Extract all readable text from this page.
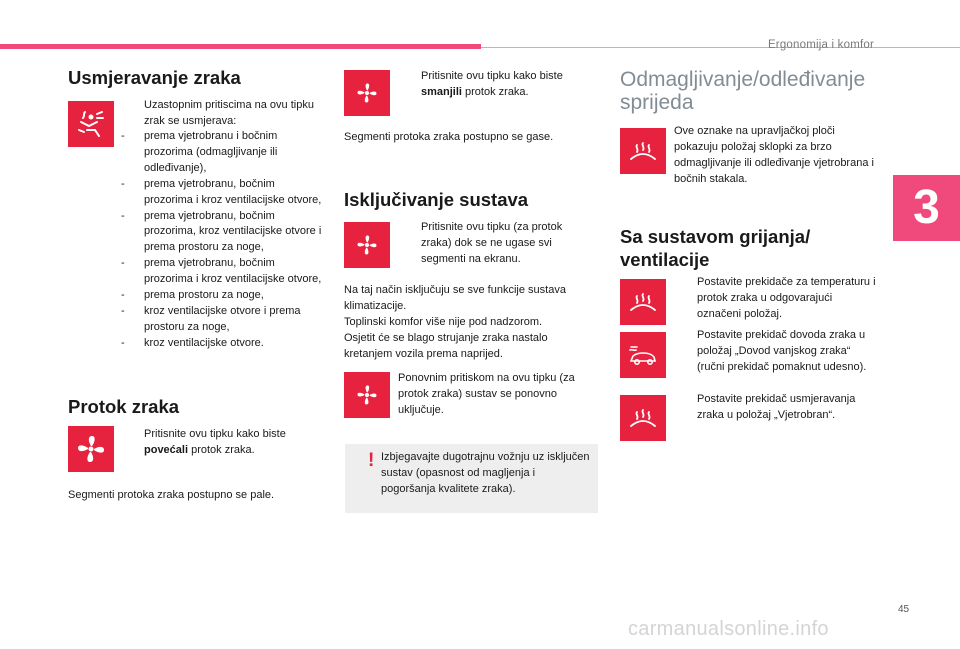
Ergonomija i komfor
3
Usmjeravanje zraka
Uzastopnim pritiscima na ovu tipku zrak se usmjerava:
- prema vjetrobranu i bočnim prozorima (odmagljivanje ili odleđivanje),
- prema vjetrobranu, bočnim prozorima i kroz ventilacijske otvore,
- prema vjetrobranu, bočnim prozorima, kroz ventilacijske otvore i prema prostoru za noge,
- prema vjetrobranu, bočnim prozorima i kroz ventilacijske otvore,
- prema prostoru za noge,
- kroz ventilacijske otvore i prema prostoru za noge,
- kroz ventilacijske otvore.
Protok zraka
Pritisnite ovu tipku kako biste povećali protok zraka.
Segmenti protoka zraka postupno se pale.
Pritisnite ovu tipku kako biste smanjili protok zraka.
Segmenti protoka zraka postupno se gase.
Isključivanje sustava
Pritisnite ovu tipku (za protok zraka) dok se ne ugase svi segmenti na ekranu.
Na taj način isključuju se sve funkcije sustava klimatizacije.
Toplinski komfor više nije pod nadzorom.
Osjetit će se blago strujanje zraka nastalo kretanjem vozila prema naprijed.
Ponovnim pritiskom na ovu tipku (za protok zraka) sustav se ponovno uključuje.
! Izbjegavajte dugotrajnu vožnju uz isključen sustav (opasnost od magljenja i pogoršanja kvalitete zraka).
Odmagljivanje/odleđivanje sprijeda
Ove oznake na upravljačkoj ploči pokazuju položaj sklopki za brzo odmagljivanje ili odleđivanje vjetrobrana i bočnih stakala.
Sa sustavom grijanja/ ventilacije
Postavite prekidače za temperaturu i protok zraka u odgovarajući označeni položaj.
Postavite prekidač dovoda zraka u položaj „Dovod vanjskog zraka“ (ručni prekidač pomaknut udesno).
Postavite prekidač usmjeravanja zraka u položaj „Vjetrobran“.
45
carmanualsonline.info
